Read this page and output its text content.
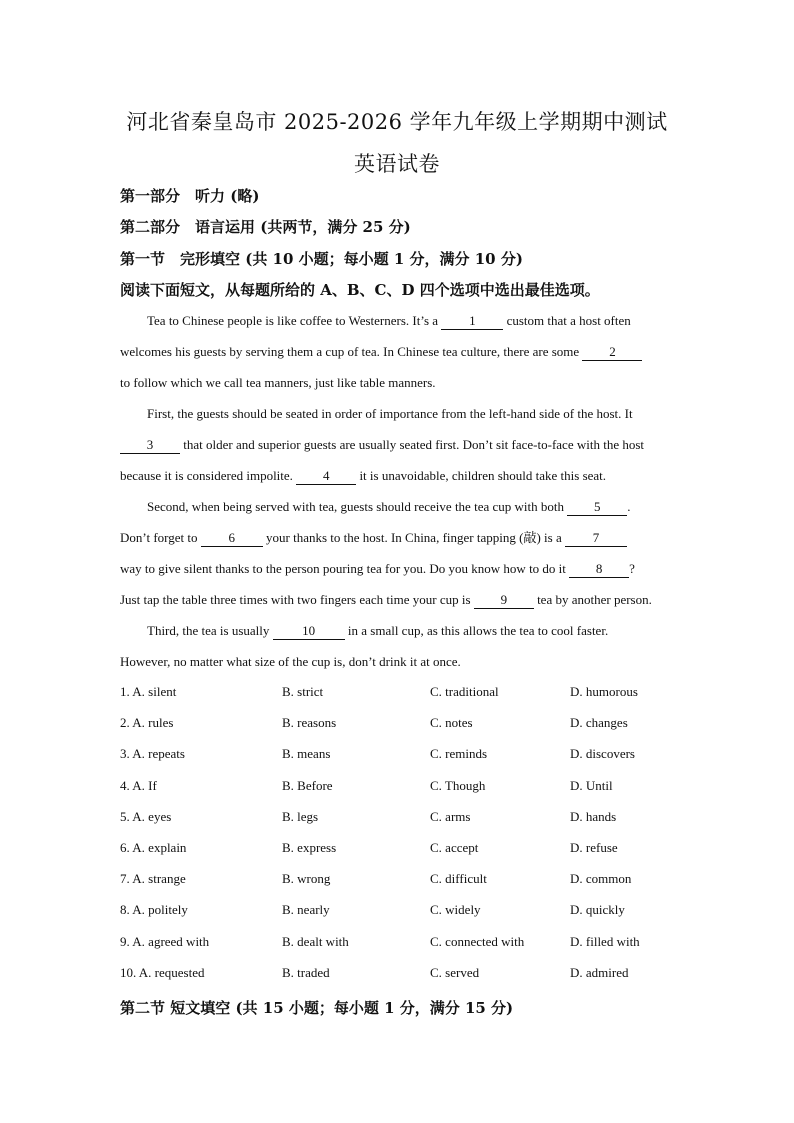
河北省秦皇岛市 2025-2026 学年九年级上学期期中测试
英语试卷
第一部分　听力 (略)
第二部分　语言运用 (共两节，满分 25 分)
第一节　完形填空 (共 10 小题；每小题 1 分，满分 10 分)
阅读下面短文，从每题所给的 A、B、C、D 四个选项中选出最佳选项。
Tea to Chinese people is like coffee to Westerners. It’s a 1 custom that a host often
welcomes his guests by serving them a cup of tea. In Chinese tea culture, there are some 2
to follow which we call tea manners, just like table manners.
First, the guests should be seated in order of importance from the left-hand side of the host. It
3 that older and superior guests are usually seated first. Don’t sit face-to-face with the host
because it is considered impolite. 4 it is unavoidable, children should take this seat.
Second, when being served with tea, guests should receive the tea cup with both 5 .
Don’t forget to 6 your thanks to the host. In China, finger tapping (敲) is a 7
way to give silent thanks to the person pouring tea for you. Do you know how to do it 8 ?
Just tap the table three times with two fingers each time your cup is 9 tea by another person.
Third, the tea is usually	10	in a small cup, as this allows the tea to cool faster.
However, no matter what size of the cup is, don’t drink it at once.
1. A. silent	B. strict	C. traditional	D. humorous
2. A. rules	B. reasons	C. notes	D. changes
3. A. repeats	B. means	C. reminds	D. discovers
4. A. If	B. Before	C. Though	D. Until
5. A. eyes	B. legs	C. arms	D. hands
6. A. explain	B. express	C. accept	D. refuse
7. A. strange	B. wrong	C. difficult	D. common
8. A. politely	B. nearly	C. widely	D. quickly
9. A. agreed with	B. dealt with	C. connected with	D. filled with
10. A. requested	B. traded	C. served	D. admired
第二节 短文填空 (共 15 小题；每小题 1 分，满分 15 分)
